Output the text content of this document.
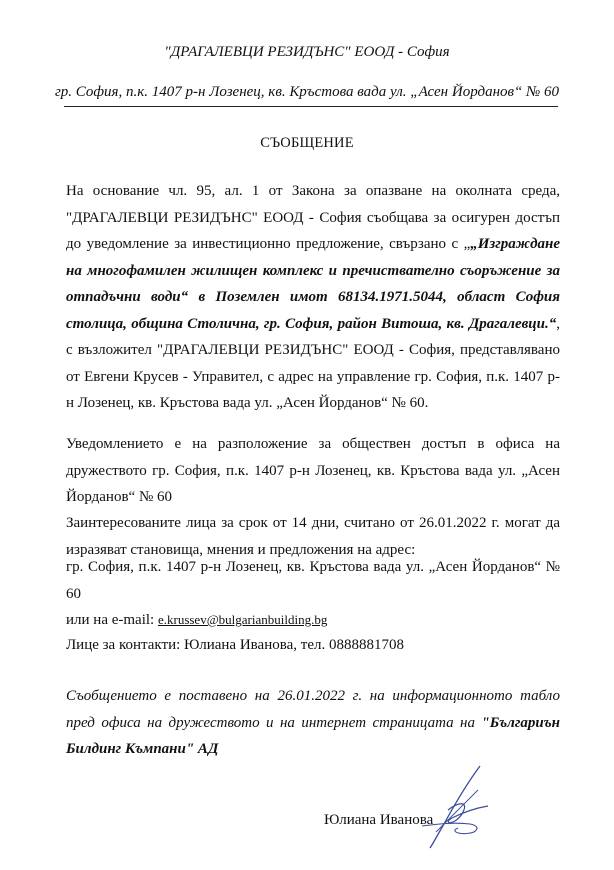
"ДРАГАЛЕВЦИ РЕЗИДЪНС" ЕООД - София
гр. София, п.к. 1407 р-н Лозенец, кв. Кръстова вада ул. „Асен Йорданов“ № 60
СЪОБЩЕНИЕ
На основание чл. 95, ал. 1 от Закона за опазване на околната среда, "ДРАГАЛЕВЦИ РЕЗИДЪНС" ЕООД - София съобщава за осигурен достъп до уведомление за инвестиционно предложение, свързано с „„Изграждане на многофамилен жилищен комплекс и пречиствателно съоръжение за отпадъчни води“ в Поземлен имот 68134.1971.5044, област София столица, община Столична, гр. София, район Витоша, кв. Драгалевци.“, с възложител "ДРАГАЛЕВЦИ РЕЗИДЪНС" ЕООД - София, представлявано от Евгени Крусев - Управител, с адрес на управление гр. София, п.к. 1407 р-н Лозенец, кв. Кръстова вада ул. „Асен Йорданов“ № 60.
Уведомлението е на разположение за обществен достъп в офиса на дружеството гр. София, п.к. 1407 р-н Лозенец, кв. Кръстова вада ул. „Асен Йорданов“ № 60
Заинтересованите лица за срок от 14 дни, считано от 26.01.2022 г. могат да изразяват становища, мнения и предложения на адрес:
гр. София, п.к. 1407 р-н Лозенец, кв. Кръстова вада ул. „Асен Йорданов“ № 60
или на e-mail: e.krussev@bulgarianbuilding.bg
Лице за контакти: Юлиана Иванова, тел. 0888881708
Съобщението е поставено на 26.01.2022 г. на информационното табло пред офиса на дружеството и на интернет страницата на "Българиън Билдинг Къмпани" АД
Юлиана Иванова
